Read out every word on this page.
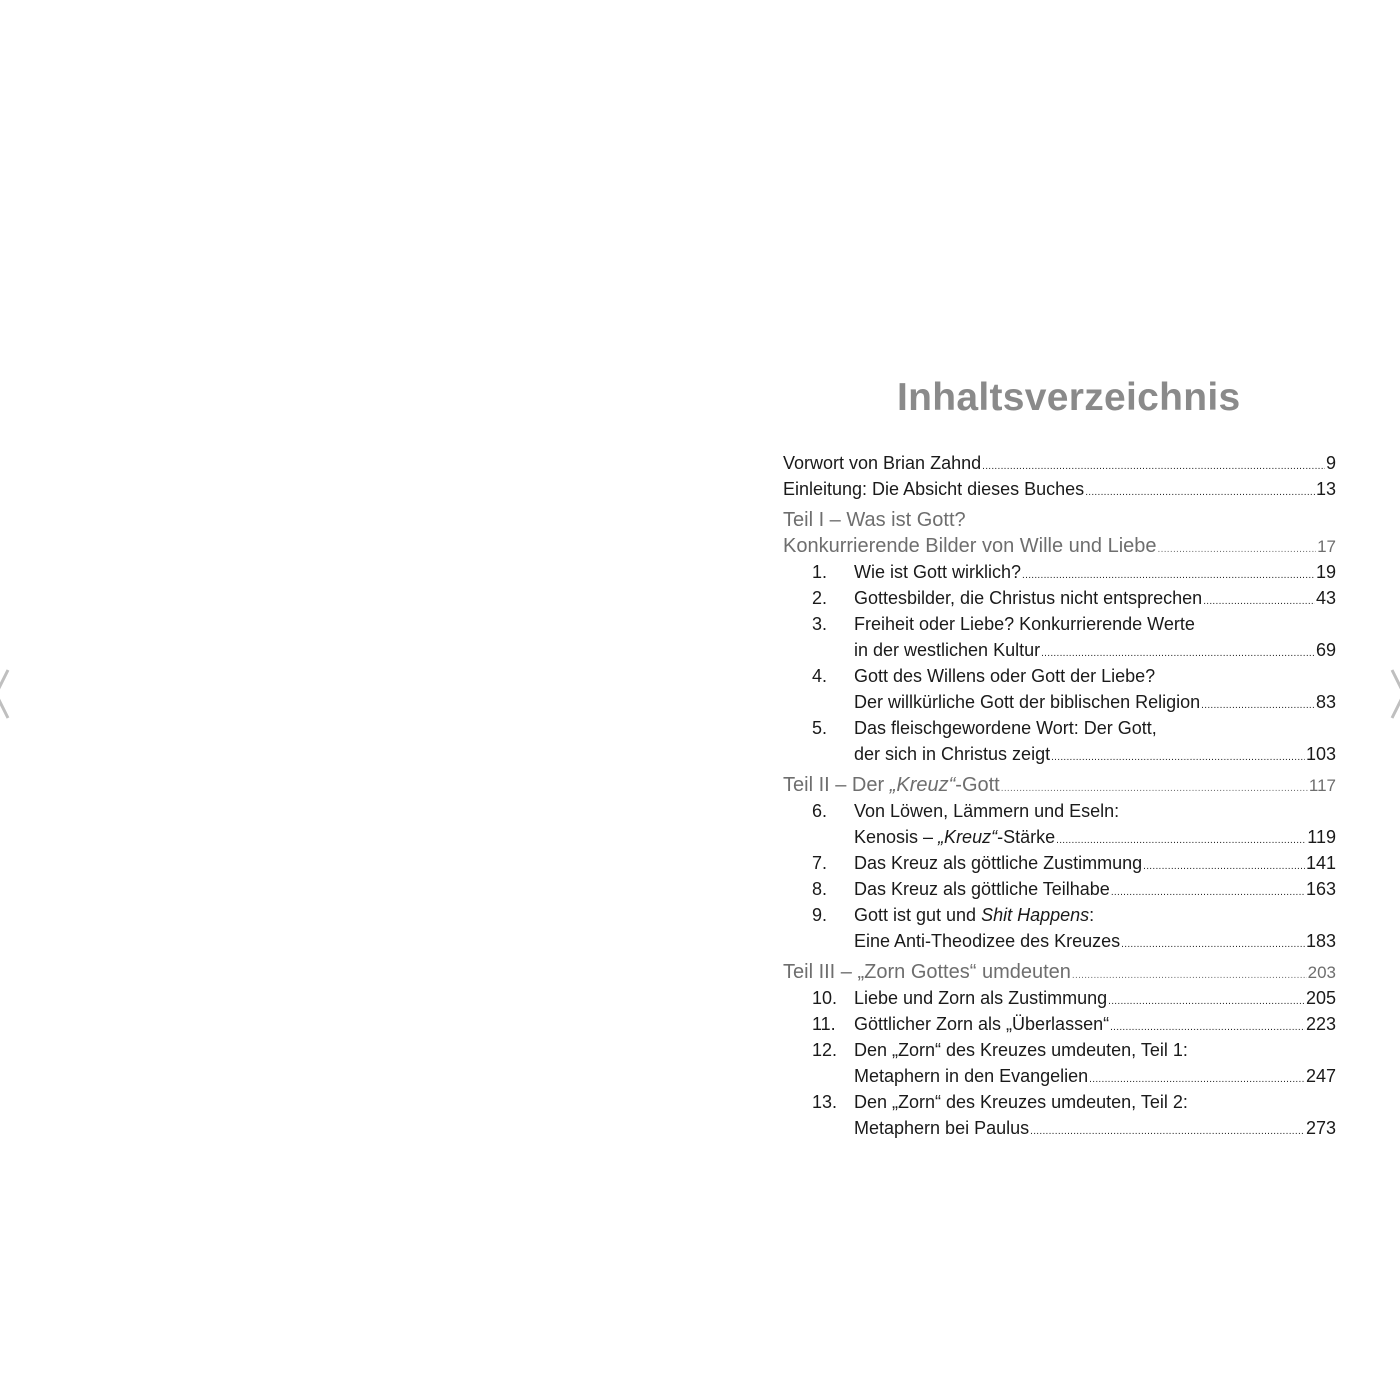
Inhaltsverzeichnis
Vorwort von Brian Zahnd .....	9
Einleitung: Die Absicht dieses Buches .....	13
Teil I – Was ist Gott?
Konkurrierende Bilder von Wille und Liebe .....	17
1.	Wie ist Gott wirklich? .....	19
2.	Gottesbilder, die Christus nicht entsprechen .....	43
3.	Freiheit oder Liebe? Konkurrierende Werte
in der westlichen Kultur .....	69
4.	Gott des Willens oder Gott der Liebe?
Der willkürliche Gott der biblischen Religion .....	83
5.	Das fleischgewordene Wort: Der Gott,
der sich in Christus zeigt .....	103
Teil II – Der „Kreuz“-Gott .....	117
6.	Von Löwen, Lämmern und Eseln:
Kenosis – „Kreuz“-Stärke .....	119
7.	Das Kreuz als göttliche Zustimmung .....	141
8.	Das Kreuz als göttliche Teilhabe .....	163
9.	Gott ist gut und Shit Happens:
Eine Anti-Theodizee des Kreuzes .....	183
Teil III – „Zorn Gottes“ umdeuten .....	203
10. Liebe und Zorn als Zustimmung .....	205
11.	Göttlicher Zorn als „Überlassen“ .....	223
12. Den „Zorn“ des Kreuzes umdeuten, Teil 1:
Metaphern in den Evangelien .....	247
13. Den „Zorn“ des Kreuzes umdeuten, Teil 2:
Metaphern bei Paulus .....	273
